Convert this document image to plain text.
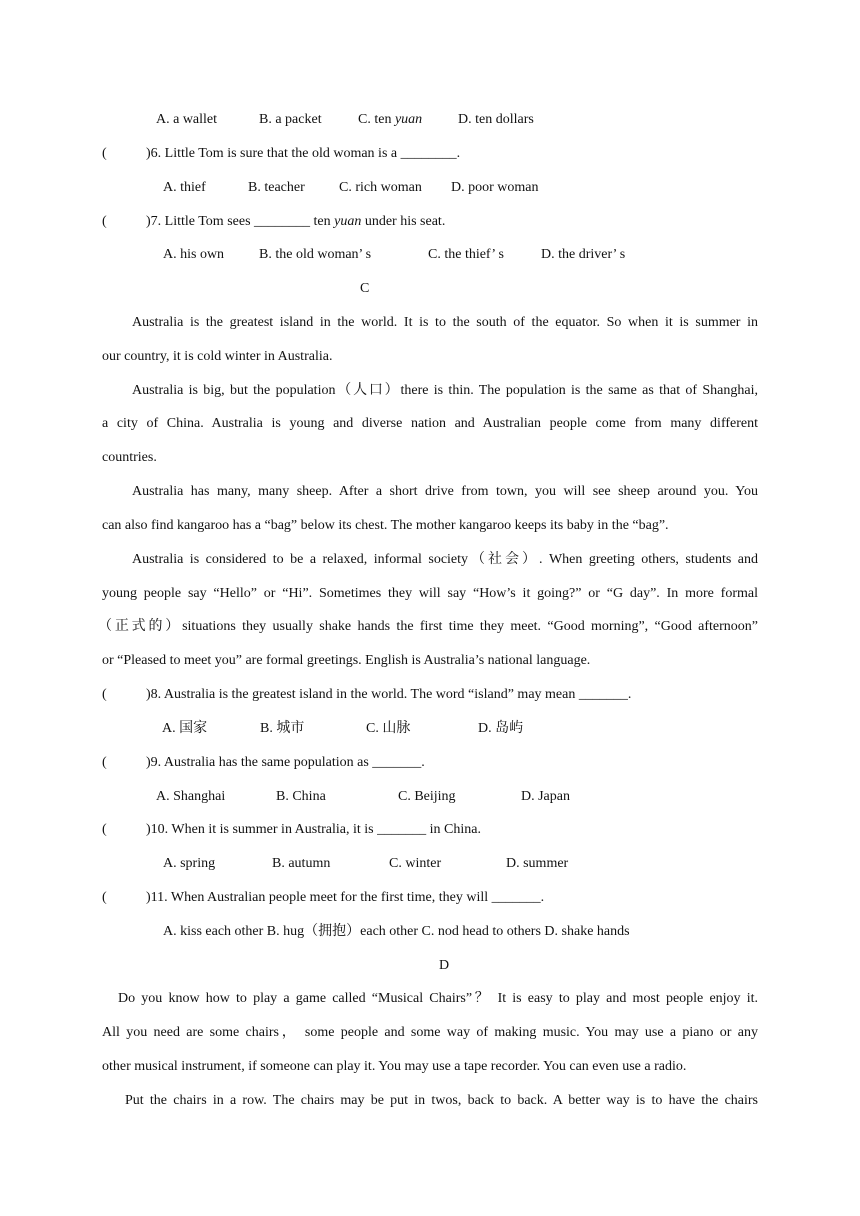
A. a wallet	B. a packet	C. ten yuan	D. ten dollars
(	)6. Little Tom is sure that the old woman is a ________.
A. thief	B. teacher C. rich woman D. poor woman
(	)7. Little Tom sees ________ ten yuan under his seat.
A. his own B. the old woman’ s	C. the thief’ s	D. the driver’ s
C
Australia is the greatest island in the world. It is to the south of the equator. So when it is summer in
our country, it is cold winter in Australia.
Australia is big, but the population（人口）there is thin. The population is the same as that of Shanghai,
a city of China. Australia is young and diverse nation and Australian people come from many different
countries.
Australia has many, many sheep. After a short drive from town, you will see sheep around you. You
can also find kangaroo has a “bag” below its chest. The mother kangaroo keeps its baby in the “bag”.
Australia is considered to be a relaxed, informal society（社会）. When greeting others, students and
young people say “Hello” or “Hi”. Sometimes they will say “How’s it going?” or “G day”. In more formal
（正式的）situations they usually shake hands the first time they meet. “Good morning”, “Good afternoon”
or “Pleased to meet you” are formal greetings. English is Australia’s national language.
(	)8. Australia is the greatest island in the world. The word “island” may mean _______.
A. 国家	B. 城市	C. 山脉	D. 岛屿
(	)9. Australia has the same population as _______.
A. Shanghai	B. China	C. Beijing	D. Japan
(	)10. When it is summer in Australia, it is _______ in China.
A. spring	B. autumn	C. winter	D. summer
(	)11. When Australian people meet for the first time, they will _______.
A. kiss each other B. hug（拥抱）each other C. nod head to others D. shake hands
D
Do you know how to play a game called “Musical Chairs”？ It is easy to play and most people enjoy it.
All you need are some chairs， some people and some way of making music. You may use a piano or any
other musical instrument, if someone can play it. You may use a tape recorder. You can even use a radio.
Put the chairs in a row. The chairs may be put in twos, back to back. A better way is to have the chairs
